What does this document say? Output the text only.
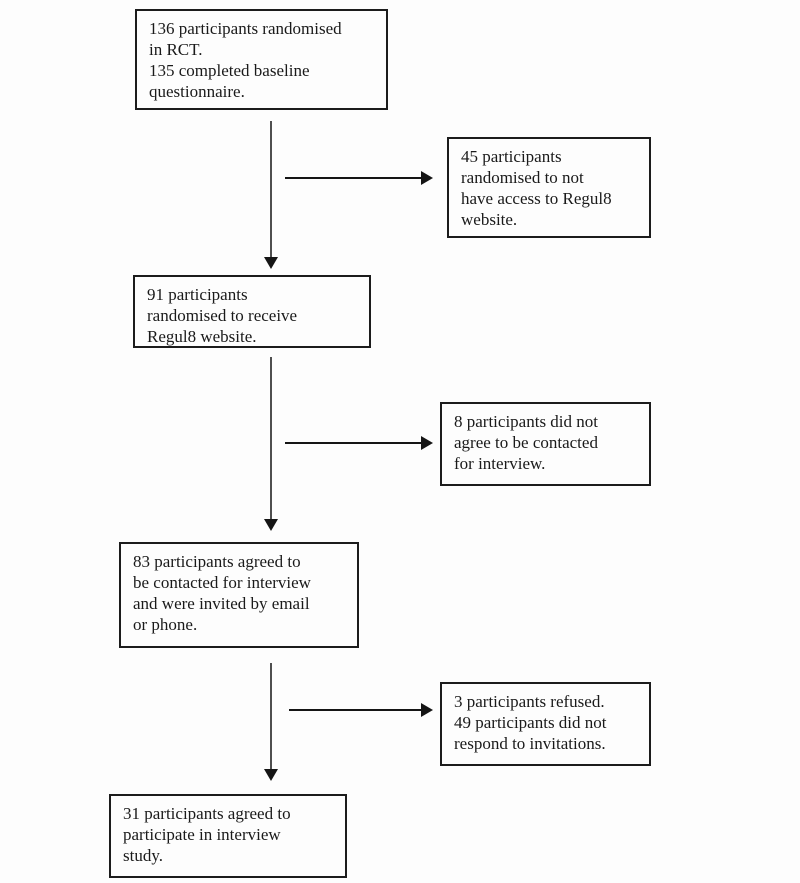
136 participants randomised
in RCT.
135 completed baseline
questionnaire.
91 participants
randomised to receive
Regul8 website.
83 participants agreed to
be contacted for interview
and were invited by email
or phone.
31 participants agreed to
participate in interview
study.
45 participants
randomised to not
have access to Regul8
website.
8 participants did not
agree to be contacted
for interview.
3 participants refused.
49 participants did not
respond to invitations.
